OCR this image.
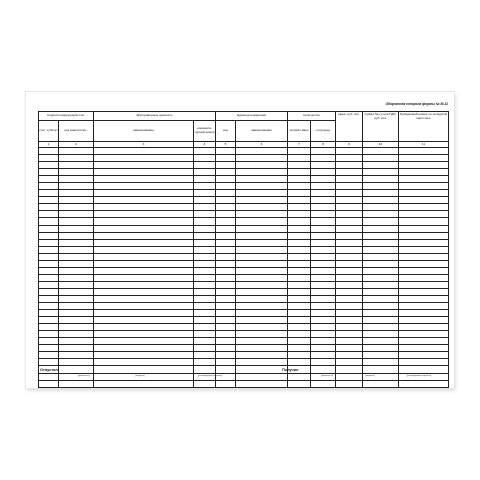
Оборотная сторона формы № М-11
Корреспондирующий счет		Материальные ценности		Единица измерения		Количество		Цена, руб. коп.	Сумма без учета НДС, руб. коп.	Порядковый номер по складской картотеке
счет, субсчет	код аналитичес-	наименование	номенкла-турный номер	код	наименование	затребо-вано	отпущено			
1	2	3	4	5	6	7	8	9	10	11

Отпустил
(должность)	(подпись)	(расшифровка подписи)
Получил
(должность)	(подпись)	(расшифровка подписи)
